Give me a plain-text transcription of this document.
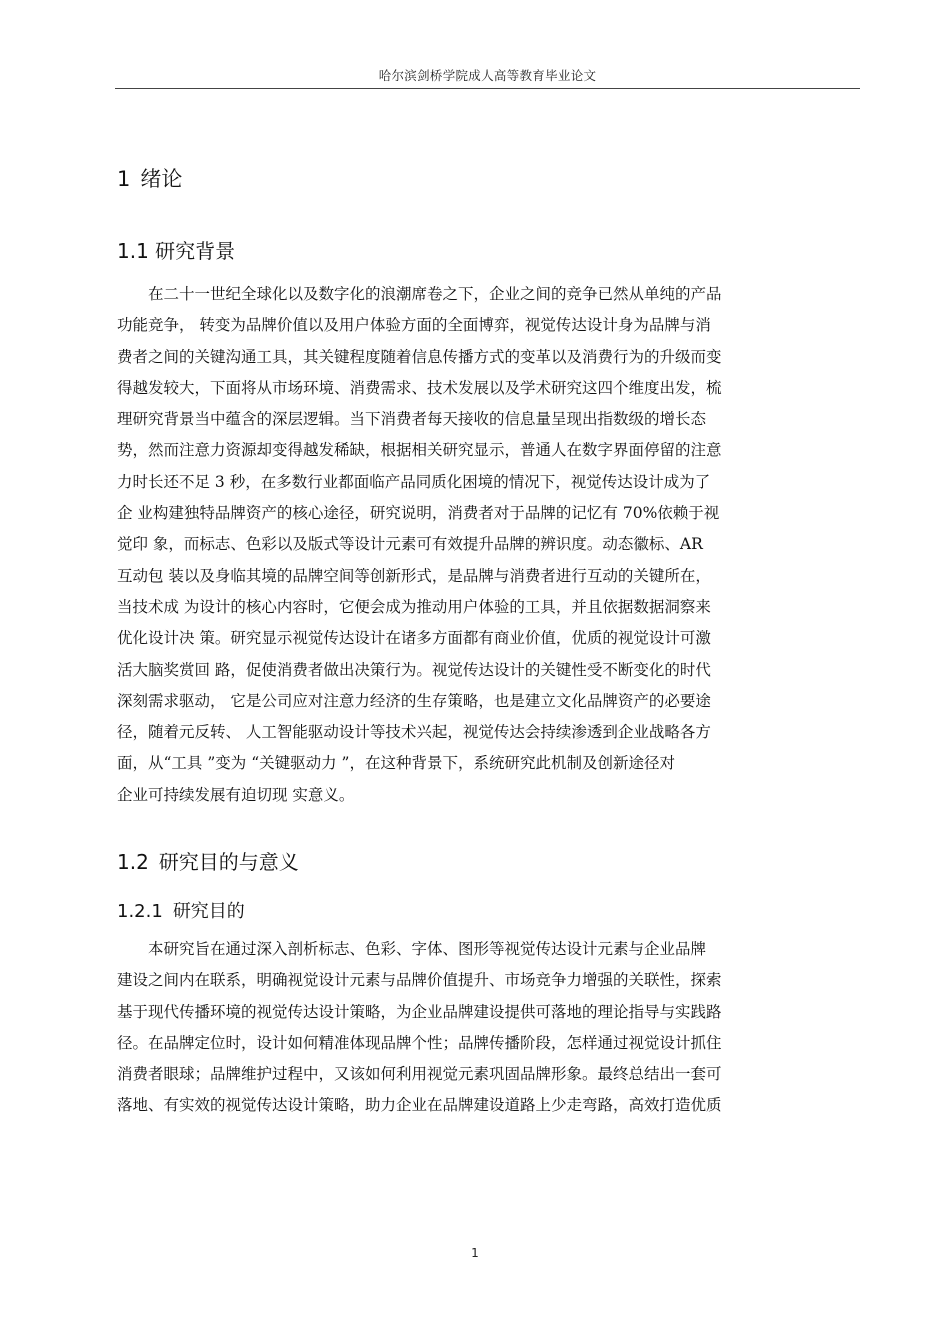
哈尔滨剑桥学院成人高等教育毕业论文
1 绪论
1.1 研究背景
　　在二十一世纪全球化以及数字化的浪潮席卷之下，企业之间的竞争已然从单纯的产品
功能竞争， 转变为品牌价值以及用户体验方面的全面博弈，视觉传达设计身为品牌与消
费者之间的关键沟通工具，其关键程度随着信息传播方式的变革以及消费行为的升级而变
得越发较大，下面将从市场环境、消费需求、技术发展以及学术研究这四个维度出发，梳
理研究背景当中蕴含的深层逻辑。当下消费者每天接收的信息量呈现出指数级的增长态
势，然而注意力资源却变得越发稀缺，根据相关研究显示，普通人在数字界面停留的注意
力时长还不足 3 秒，在多数行业都面临产品同质化困境的情况下，视觉传达设计成为了
企 业构建独特品牌资产的核心途径，研究说明，消费者对于品牌的记忆有 70%依赖于视
觉印 象，而标志、色彩以及版式等设计元素可有效提升品牌的辨识度。动态徽标、AR
互动包 装以及身临其境的品牌空间等创新形式，是品牌与消费者进行互动的关键所在，
当技术成 为设计的核心内容时，它便会成为推动用户体验的工具，并且依据数据洞察来
优化设计决 策。研究显示视觉传达设计在诸多方面都有商业价值，优质的视觉设计可激
活大脑奖赏回 路，促使消费者做出决策行为。视觉传达设计的关键性受不断变化的时代
深刻需求驱动， 它是公司应对注意力经济的生存策略，也是建立文化品牌资产的必要途
径，随着元反转、 人工智能驱动设计等技术兴起，视觉传达会持续渗透到企业战略各方
面，从“工具 ”变为 “关键驱动力 ”，在这种背景下，系统研究此机制及创新途径对
企业可持续发展有迫切现 实意义。
1.2 研究目的与意义
1.2.1 研究目的
　　本研究旨在通过深入剖析标志、色彩、字体、图形等视觉传达设计元素与企业品牌
建设之间内在联系，明确视觉设计元素与品牌价值提升、市场竞争力增强的关联性，探索
基于现代传播环境的视觉传达设计策略，为企业品牌建设提供可落地的理论指导与实践路
径。在品牌定位时，设计如何精准体现品牌个性；品牌传播阶段，怎样通过视觉设计抓住
消费者眼球；品牌维护过程中，又该如何利用视觉元素巩固品牌形象。最终总结出一套可
落地、有实效的视觉传达设计策略，助力企业在品牌建设道路上少走弯路，高效打造优质
1
